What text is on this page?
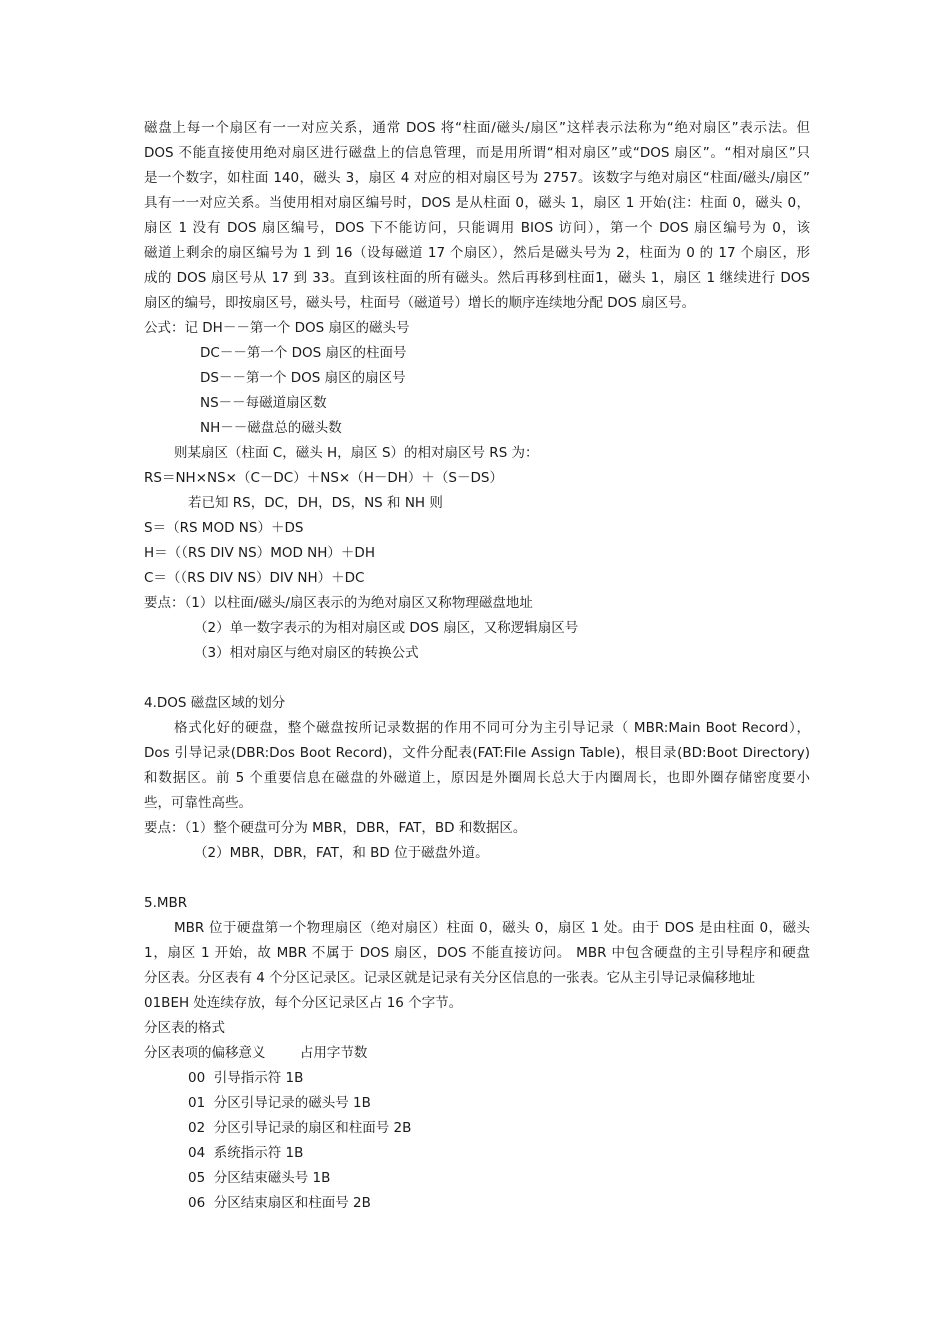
磁盘上每一个扇区有一一对应关系，通常 DOS 将“柱面/磁头/扇区”这样表示法称为“绝对扇区”表示法。但
DOS 不能直接使用绝对扇区进行磁盘上的信息管理，而是用所谓“相对扇区”或“DOS 扇区”。“相对扇区”只
是一个数字，如柱面 140，磁头 3，扇区 4 对应的相对扇区号为 2757。该数字与绝对扇区“柱面/磁头/扇区”
具有一一对应关系。当使用相对扇区编号时，DOS 是从柱面 0，磁头 1，扇区 1 开始(注：柱面 0，磁头 0，
扇区 1 没有 DOS 扇区编号，DOS 下不能访问，只能调用 BIOS 访问），第一个 DOS 扇区编号为 0，该
磁道上剩余的扇区编号为 1 到 16（设每磁道 17 个扇区），然后是磁头号为 2，柱面为 0 的 17 个扇区，形
成的 DOS 扇区号从 17 到 33。直到该柱面的所有磁头。然后再移到柱面1，磁头 1，扇区 1 继续进行 DOS
扇区的编号，即按扇区号，磁头号，柱面号（磁道号）增长的顺序连续地分配 DOS 扇区号。
公式：记 DH－－第一个 DOS 扇区的磁头号
DC－－第一个 DOS 扇区的柱面号
DS－－第一个 DOS 扇区的扇区号
NS－－每磁道扇区数
NH－－磁盘总的磁头数
则某扇区（柱面 C，磁头 H，扇区 S）的相对扇区号 RS 为：
RS＝NH×NS×（C－DC）＋NS×（H－DH）＋（S－DS）
若已知 RS，DC，DH，DS，NS 和 NH 则
S＝（RS MOD NS）＋DS
H＝（（RS DIV NS）MOD NH）＋DH
C＝（（RS DIV NS）DIV NH）＋DC
要点：（1）以柱面/磁头/扇区表示的为绝对扇区又称物理磁盘地址
（2）单一数字表示的为相对扇区或 DOS 扇区，又称逻辑扇区号
（3）相对扇区与绝对扇区的转换公式
4.DOS 磁盘区域的划分
格式化好的硬盘，整个磁盘按所记录数据的作用不同可分为主引导记录（ MBR:Main Boot Record），
Dos 引导记录(DBR:Dos Boot Record)，文件分配表(FAT:File Assign Table)，根目录(BD:Boot Directory)
和数据区。前 5 个重要信息在磁盘的外磁道上，原因是外圈周长总大于内圈周长，也即外圈存储密度要小
些，可靠性高些。
要点：（1）整个硬盘可分为 MBR，DBR，FAT，BD 和数据区。
（2）MBR，DBR，FAT，和 BD 位于磁盘外道。
5.MBR
MBR 位于硬盘第一个物理扇区（绝对扇区）柱面 0，磁头 0，扇区 1 处。由于 DOS 是由柱面 0，磁头
1，扇区 1 开始，故 MBR 不属于 DOS 扇区，DOS 不能直接访问。 MBR 中包含硬盘的主引导程序和硬盘
分区表。分区表有 4 个分区记录区。记录区就是记录有关分区信息的一张表。它从主引导记录偏移地址
01BEH 处连续存放，每个分区记录区占 16 个字节。
分区表的格式
分区表项的偏移意义        占用字节数
00  引导指示符 1B
01  分区引导记录的磁头号 1B
02  分区引导记录的扇区和柱面号 2B
04  系统指示符 1B
05  分区结束磁头号 1B
06  分区结束扇区和柱面号 2B
